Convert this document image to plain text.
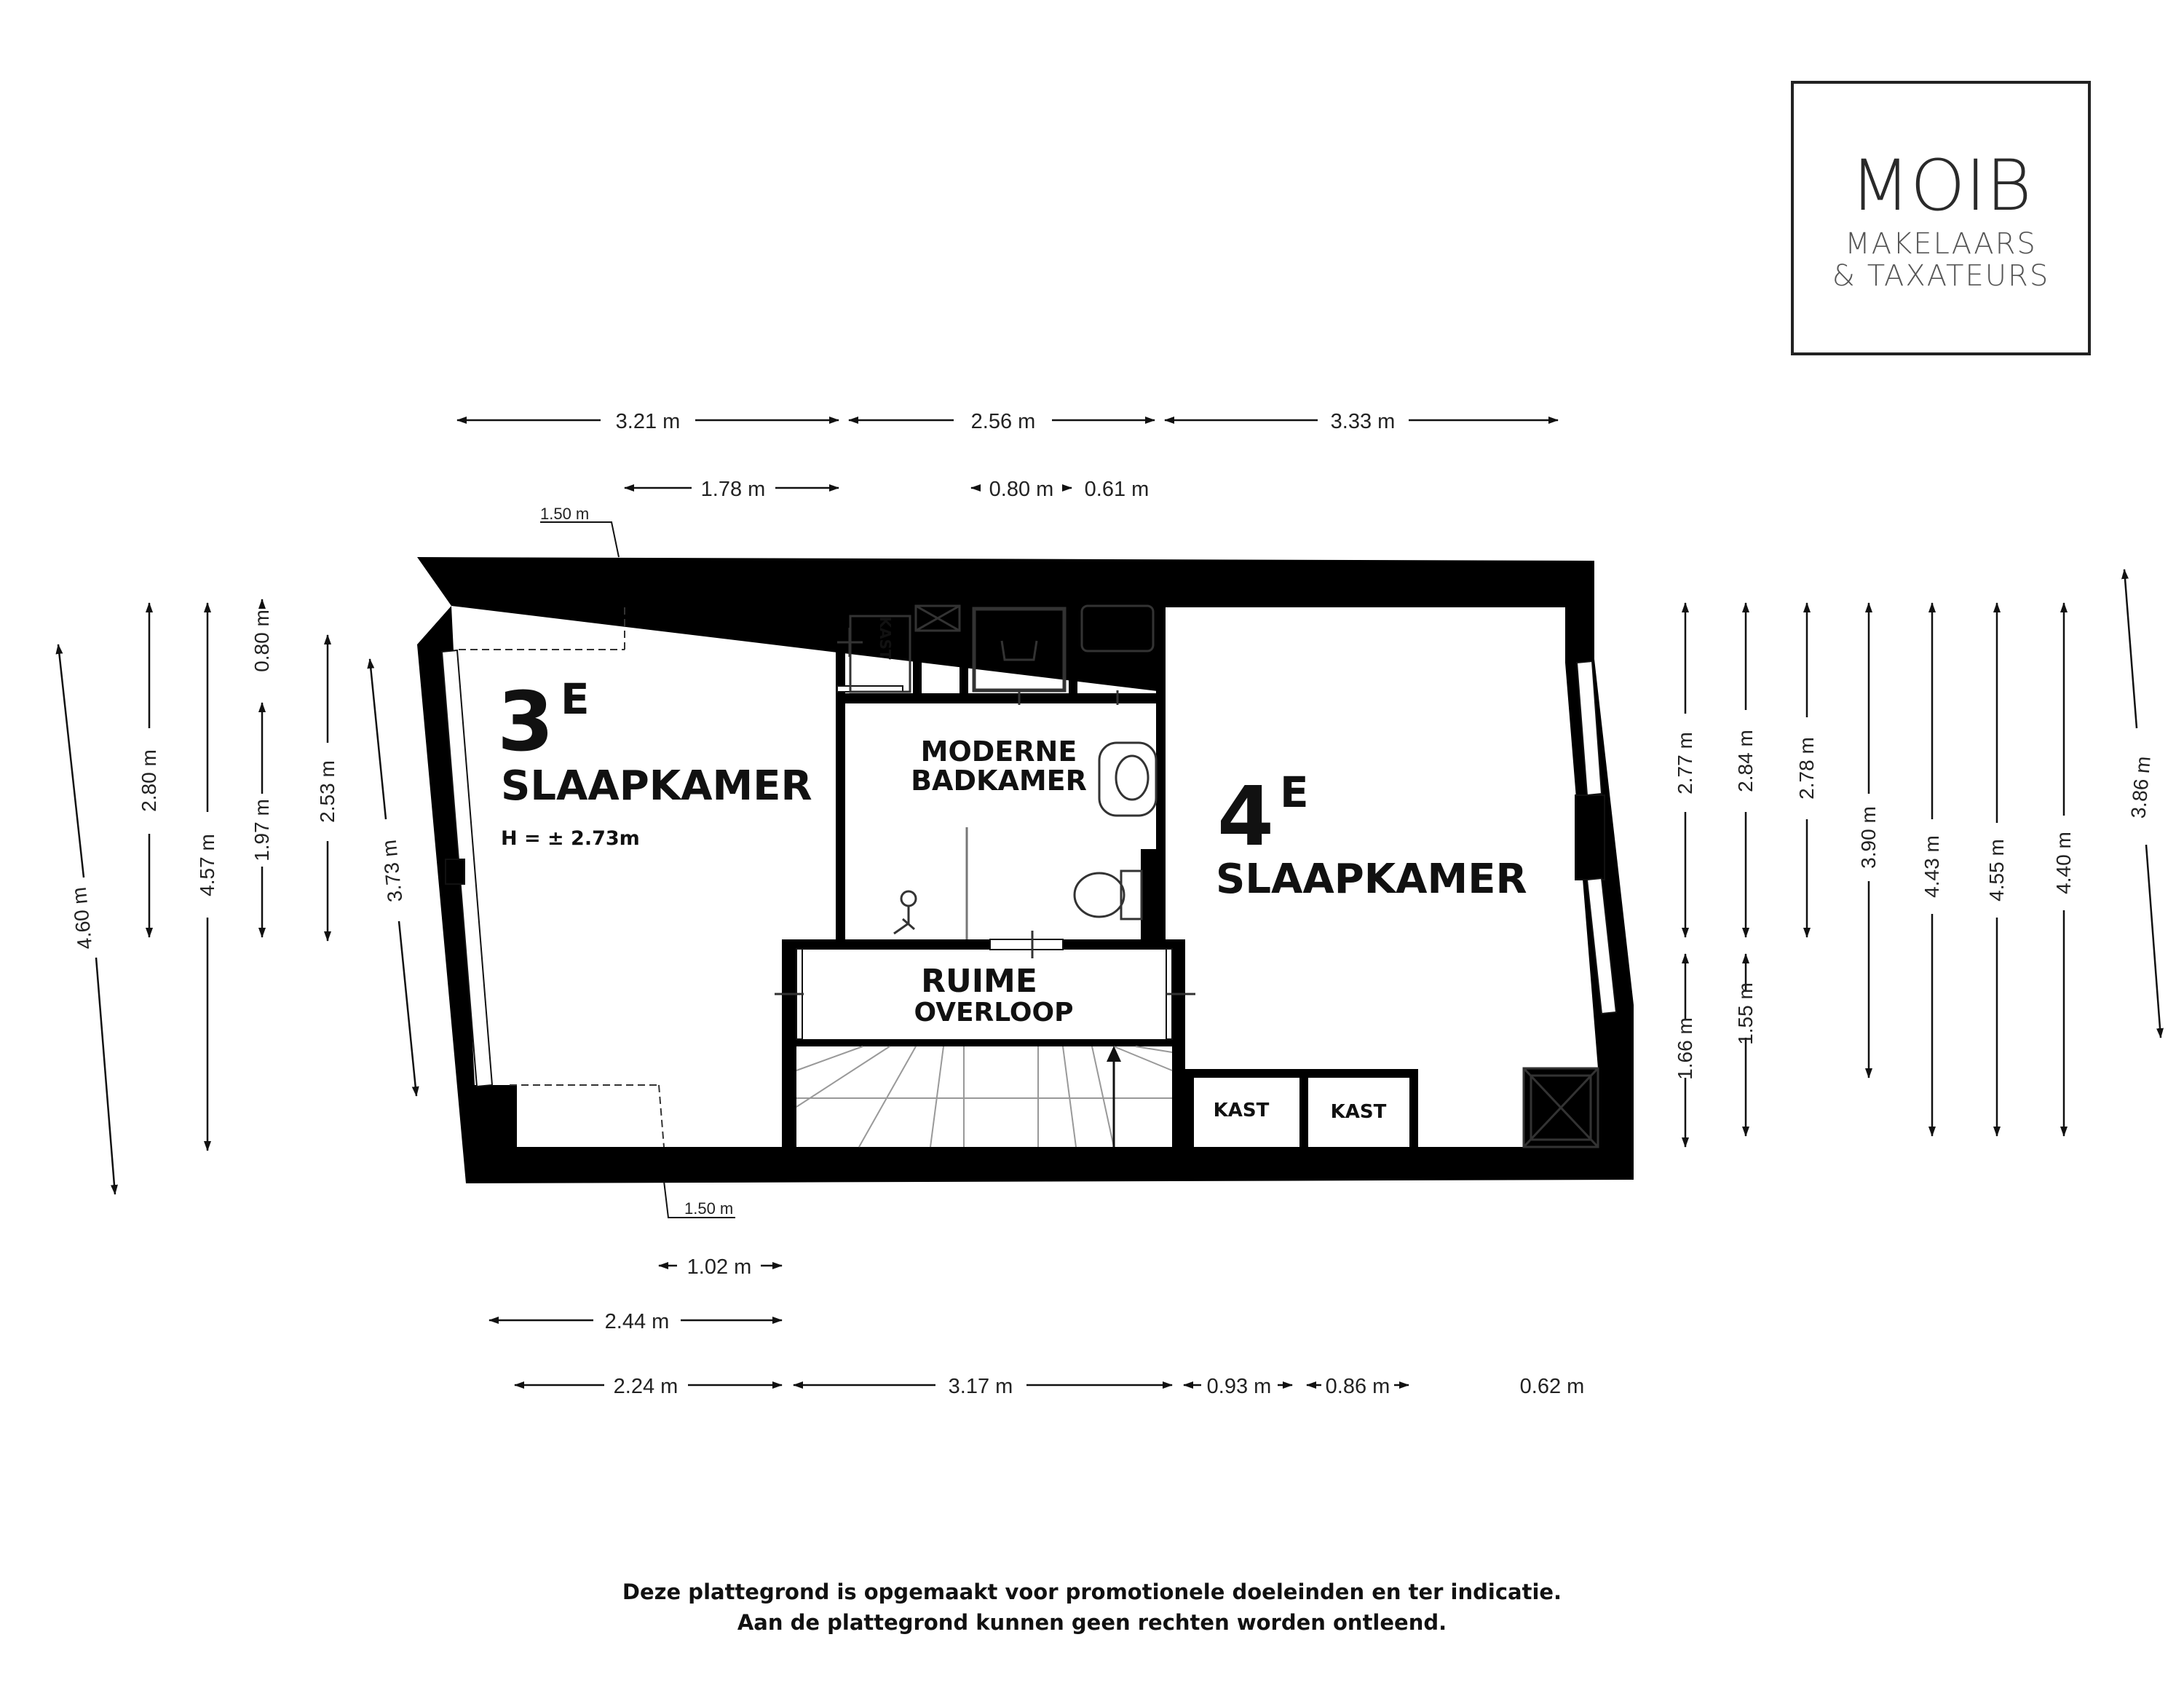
MOIB
MAKELAARS
& TAXATEURS
3 E
SLAAPKAMER
H = ± 2.73m
MODERNE
BADKAMER 4 E
SLAAPKAMER
RUIME
OVERLOOP
KAST
KAST	KAST
3.21 m	2.56 m	3.33 m
1.78 m	0.80 m 0.61 m
1.50 m
1.50 m
1.02 m
2.44 m
2.24 m	3.17 m	0.93 m	0.86 m	0.62 m
4.60 m
2.80 m
4.57 m
0.80 m
1.97 m
2.53 m
3.73 m
2.77 m
1.66 m
2.84 m
1.55 m
2.78 m
3.90 m 4.43 m 4.55 m 4.40 m
3.86 m
Deze plattegrond is opgemaakt voor promotionele doeleinden en ter indicatie.
Aan de plattegrond kunnen geen rechten worden ontleend.
